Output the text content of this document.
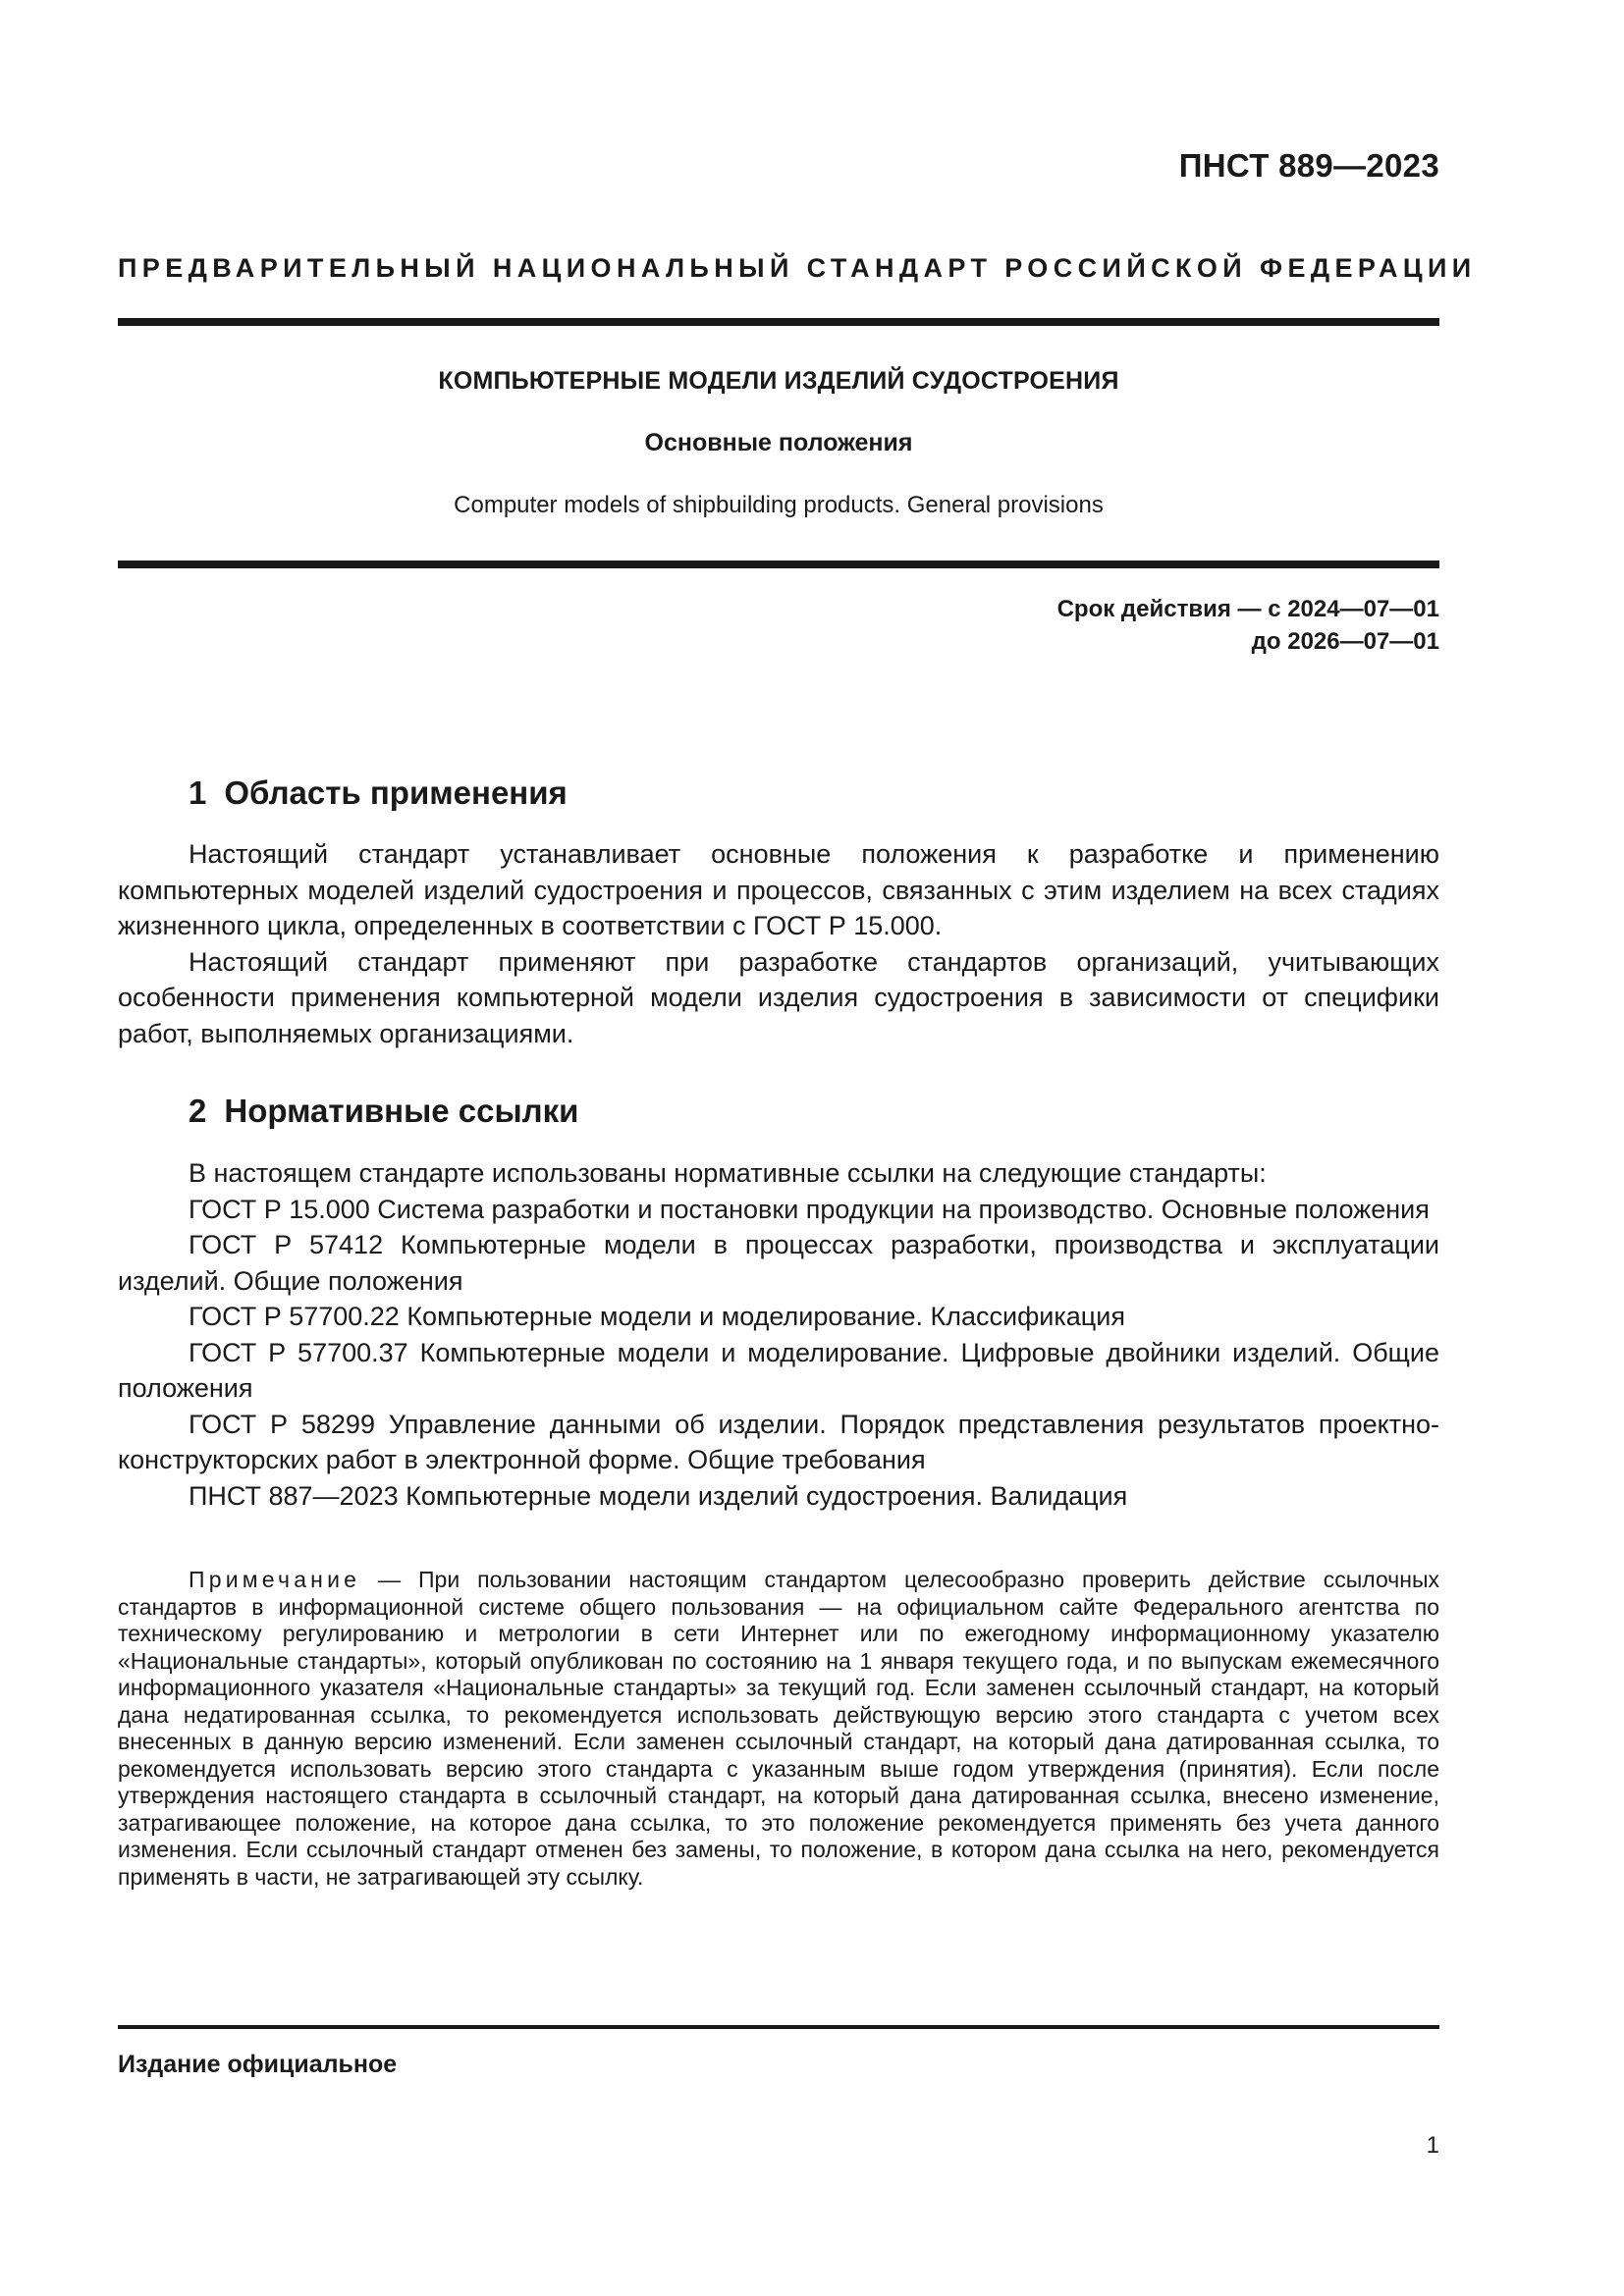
ПНСТ 889—2023
ПРЕДВАРИТЕЛЬНЫЙ НАЦИОНАЛЬНЫЙ СТАНДАРТ РОССИЙСКОЙ ФЕДЕРАЦИИ
КОМПЬЮТЕРНЫЕ МОДЕЛИ ИЗДЕЛИЙ СУДОСТРОЕНИЯ
Основные положения
Computer models of shipbuilding products. General provisions
Срок действия — с 2024—07—01
до 2026—07—01
1 Область применения

Настоящий стандарт устанавливает основные положения к разработке и применению компьютерных моделей изделий судостроения и процессов, связанных с этим изделием на всех стадиях жизненного цикла, определенных в соответствии с ГОСТ Р 15.000.

Настоящий стандарт применяют при разработке стандартов организаций, учитывающих особенности применения компьютерной модели изделия судостроения в зависимости от специфики работ, выполняемых организациями.

2 Нормативные ссылки

В настоящем стандарте использованы нормативные ссылки на следующие стандарты:

ГОСТ Р 15.000 Система разработки и постановки продукции на производство. Основные положения

ГОСТ Р 57412 Компьютерные модели в процессах разработки, производства и эксплуатации изделий. Общие положения

ГОСТ Р 57700.22 Компьютерные модели и моделирование. Классификация

ГОСТ Р 57700.37 Компьютерные модели и моделирование. Цифровые двойники изделий. Общие положения

ГОСТ Р 58299 Управление данными об изделии. Порядок представления результатов проектно-конструкторских работ в электронной форме. Общие требования

ПНСТ 887—2023 Компьютерные модели изделий судостроения. Валидация

Примечание — При пользовании настоящим стандартом целесообразно проверить действие ссылочных стандартов в информационной системе общего пользования — на официальном сайте Федерального агентства по техническому регулированию и метрологии в сети Интернет или по ежегодному информационному указателю «Национальные стандарты», который опубликован по состоянию на 1 января текущего года, и по выпускам ежемесячного информационного указателя «Национальные стандарты» за текущий год. Если заменен ссылочный стандарт, на который дана недатированная ссылка, то рекомендуется использовать действующую версию этого стандарта с учетом всех внесенных в данную версию изменений. Если заменен ссылочный стандарт, на который дана датированная ссылка, то рекомендуется использовать версию этого стандарта с указанным выше годом утверждения (принятия). Если после утверждения настоящего стандарта в ссылочный стандарт, на который дана датированная ссылка, внесено изменение, затрагивающее положение, на которое дана ссылка, то это положение рекомендуется применять без учета данного изменения. Если ссылочный стандарт отменен без замены, то положение, в котором дана ссылка на него, рекомендуется применять в части, не затрагивающей эту ссылку.
Издание официальное
1
